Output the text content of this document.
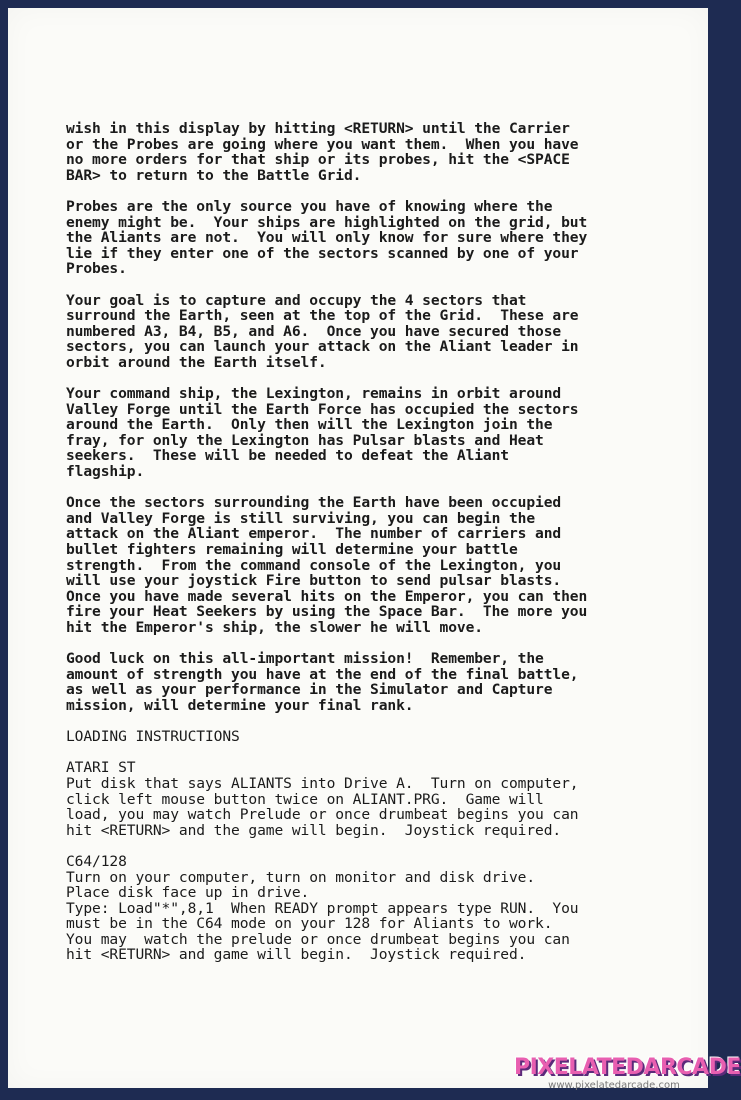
wish in this display by hitting <RETURN> until the Carrier
or the Probes are going where you want them.  When you have
no more orders for that ship or its probes, hit the <SPACE
BAR> to return to the Battle Grid.
Probes are the only source you have of knowing where the
enemy might be.  Your ships are highlighted on the grid, but
the Aliants are not.  You will only know for sure where they
lie if they enter one of the sectors scanned by one of your
Probes.
Your goal is to capture and occupy the 4 sectors that
surround the Earth, seen at the top of the Grid.  These are
numbered A3, B4, B5, and A6.  Once you have secured those
sectors, you can launch your attack on the Aliant leader in
orbit around the Earth itself.
Your command ship, the Lexington, remains in orbit around
Valley Forge until the Earth Force has occupied the sectors
around the Earth.  Only then will the Lexington join the
fray, for only the Lexington has Pulsar blasts and Heat
seekers.  These will be needed to defeat the Aliant
flagship.
Once the sectors surrounding the Earth have been occupied
and Valley Forge is still surviving, you can begin the
attack on the Aliant emperor.  The number of carriers and
bullet fighters remaining will determine your battle
strength.  From the command console of the Lexington, you
will use your joystick Fire button to send pulsar blasts.
Once you have made several hits on the Emperor, you can then
fire your Heat Seekers by using the Space Bar.  The more you
hit the Emperor's ship, the slower he will move.
Good luck on this all-important mission!  Remember, the
amount of strength you have at the end of the final battle,
as well as your performance in the Simulator and Capture
mission, will determine your final rank.
LOADING INSTRUCTIONS
ATARI ST
Put disk that says ALIANTS into Drive A.  Turn on computer,
click left mouse button twice on ALIANT.PRG.  Game will
load, you may watch Prelude or once drumbeat begins you can
hit <RETURN> and the game will begin.  Joystick required.
C64/128
Turn on your computer, turn on monitor and disk drive.
Place disk face up in drive.
Type: Load"*",8,1  When READY prompt appears type RUN.  You
must be in the C64 mode on your 128 for Aliants to work.
You may  watch the prelude or once drumbeat begins you can
hit <RETURN> and game will begin.  Joystick required.
PIXELATEDARCADE
www.pixelatedarcade.com
